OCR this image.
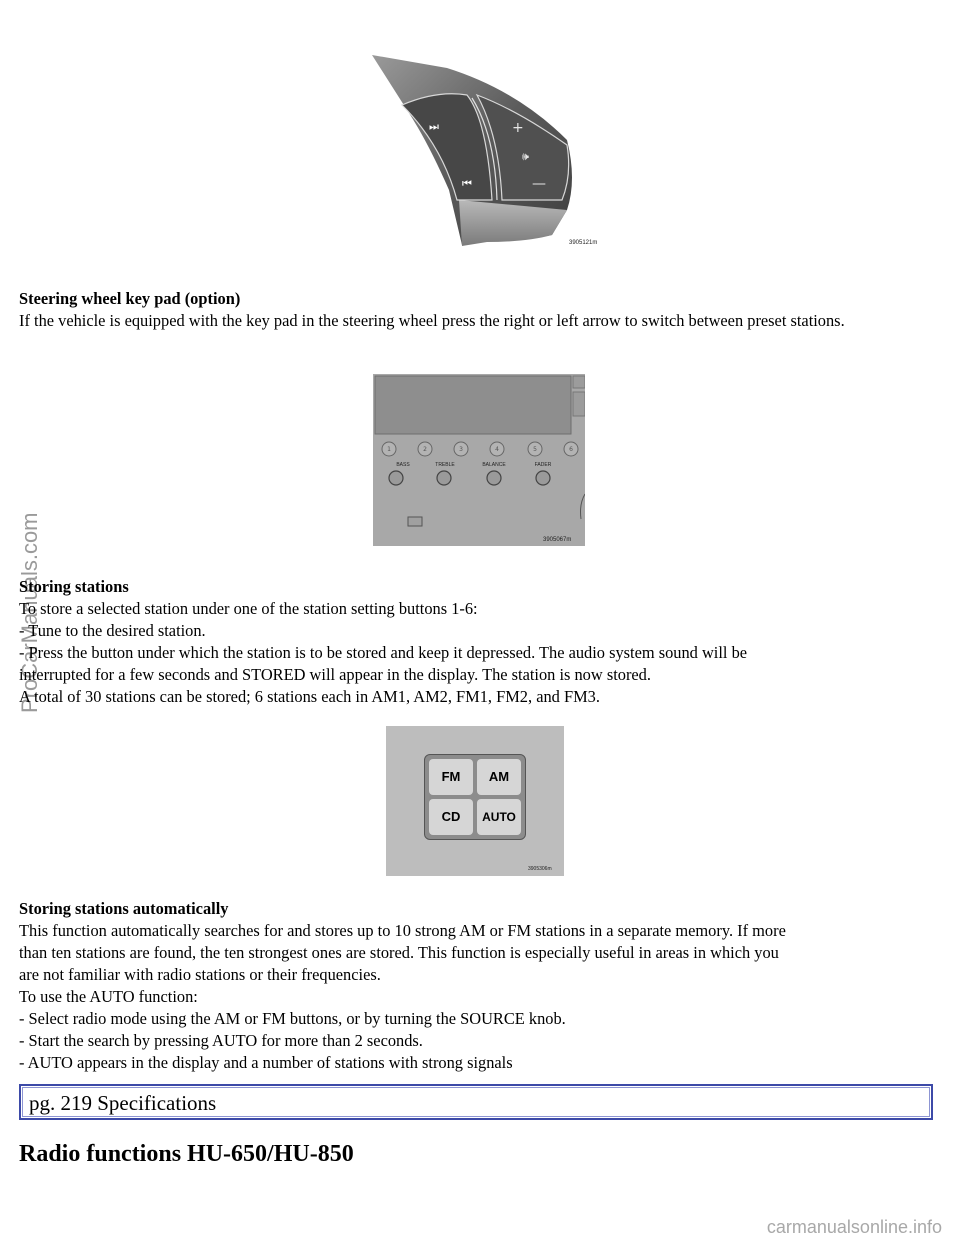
ProCarManuals.com
⏭
⏮
+
🕪
—
3905121m
Steering wheel key pad (option)
If the vehicle is equipped with the key pad in the steering wheel press the right or left arrow to switch between preset stations.
1	2	3	4	5	6
BASS	TREBLE	BALANCE	FADER
3905067m
Storing stations
To store a selected station under one of the station setting buttons 1-6:
- Tune to the desired station.
- Press the button under which the station is to be stored and keep it depressed. The audio system sound will be
interrupted for a few seconds and STORED will appear in the display. The station is now stored.
A total of 30 stations can be stored; 6 stations each in AM1, AM2, FM1, FM2, and FM3.
FM	AM
CD	AUTO
3905306m
Storing stations automatically
This function automatically searches for and stores up to 10 strong AM or FM stations in a separate memory. If more
than ten stations are found, the ten strongest ones are stored. This function is especially useful in areas in which you
are not familiar with radio stations or their frequencies.
To use the AUTO function:
- Select radio mode using the AM or FM buttons, or by turning the SOURCE knob.
- Start the search by pressing AUTO for more than 2 seconds.
- AUTO appears in the display and a number of stations with strong signals
pg. 219 Specifications
Radio functions HU-650/HU-850
carmanualsonline.info
